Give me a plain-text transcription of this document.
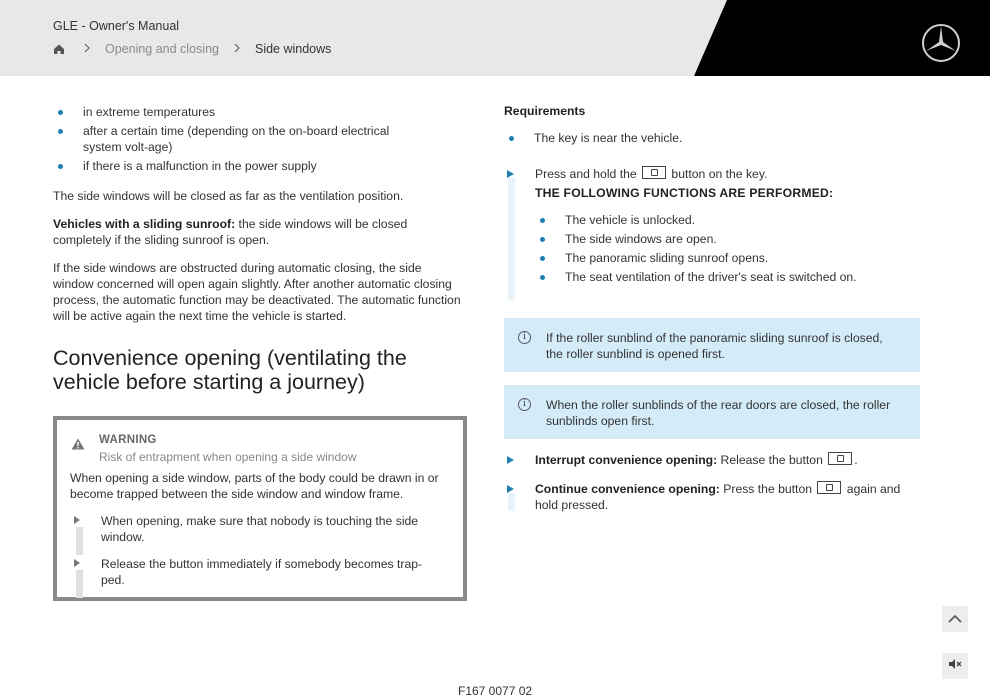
GLE - Owner's Manual
Opening and closing	Side windows
in extreme temperatures
after a certain time (depending on the on-board electrical system volt-age)
if there is a malfunction in the power supply

The side windows will be closed as far as the ventilation position.

Vehicles with a sliding sunroof: the side windows will be closed completely if the sliding sunroof is open.

If the side windows are obstructed during automatic closing, the side window concerned will open again slightly. After another automatic closing process, the automatic function may be deactivated. The automatic function will be active again the next time the vehicle is started.

Convenience opening (ventilating the vehicle before starting a journey)
WARNING
Risk of entrapment when opening a side window
When opening a side window, parts of the body could be drawn in or become trapped between the side window and window frame.
When opening, make sure that nobody is touching the side window.
Release the button immediately if somebody becomes trap-ped.
Requirements
The key is near the vehicle.

Press and hold the	button on the key.

THE FOLLOWING FUNCTIONS ARE PERFORMED:
The vehicle is unlocked.
The side windows are open.
The panoramic sliding sunroof opens.
The seat ventilation of the driver's seat is switched on.
i	If the roller sunblind of the panoramic sliding sunroof is closed, the roller sunblind is opened first.
i	When the roller sunblinds of the rear doors are closed, the roller sunblinds open first.

Interrupt convenience opening: Release the button	.

Continue convenience opening: Press the button	again and hold pressed.

F167 0077 02
